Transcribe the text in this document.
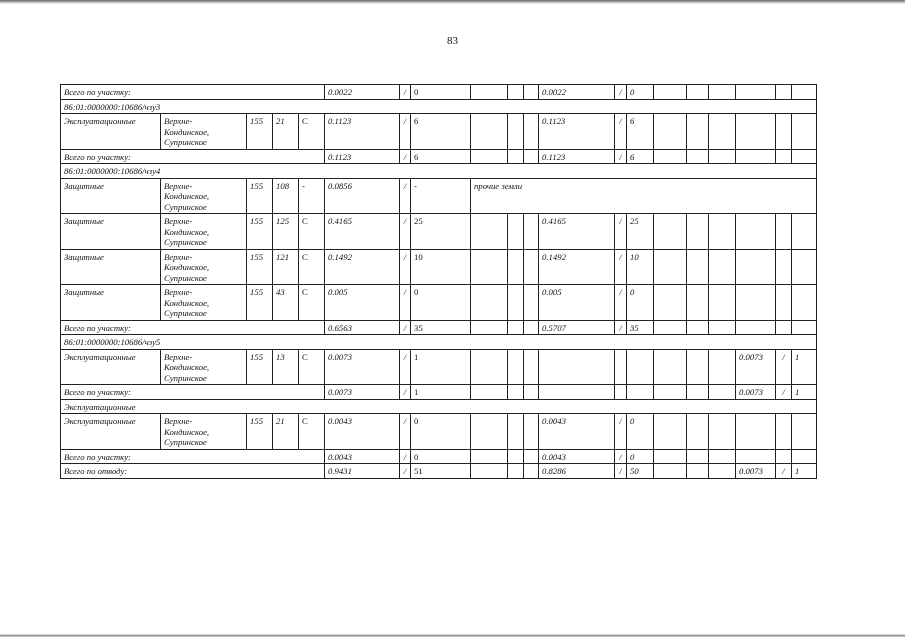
83
Всего по участку:					0.0022	/	0				0.0022	/	0						
86:01:0000000:10686/чзу3																			
Эксплуатационные	Верхне-
Кондинское,
Супринское	155	21	С	0.1123	/	6				0.1123	/	6						
Всего по участку:					0.1123	/	6				0.1123	/	6						
86:01:0000000:10686/чзу4																			
Защитные	Верхне-
Кондинское,
Супринское	155	108	-	0.0856	/	-	прочие земли											
Защитные	Верхне-
Кондинское,
Супринское	155	125	С	0.4165	/	25				0.4165	/	25						
Защитные	Верхне-
Кондинское,
Супринское	155	121	С	0.1492	/	10				0.1492	/	10						
Защитные	Верхне-
Кондинское,
Супринское	155	43	С	0.005	/	0				0.005	/	0						
Всего по участку:					0.6563	/	35				0.5707	/	35						
86:01:0000000:10686/чзу5																			
Эксплуатационные	Верхне-
Кондинское,
Супринское	155	13	С	0.0073	/	1										0.0073	/	1
Всего по участку:					0.0073	/	1										0.0073	/	1
Эксплуатационные																			
Эксплуатационные	Верхне-
Кондинское,
Супринское	155	21	С	0.0043	/	0				0.0043	/	0						
Всего по участку:					0.0043	/	0				0.0043	/	0						
Всего по отводу:					0.9431	/	51				0.8286	/	50				0.0073	/	1
